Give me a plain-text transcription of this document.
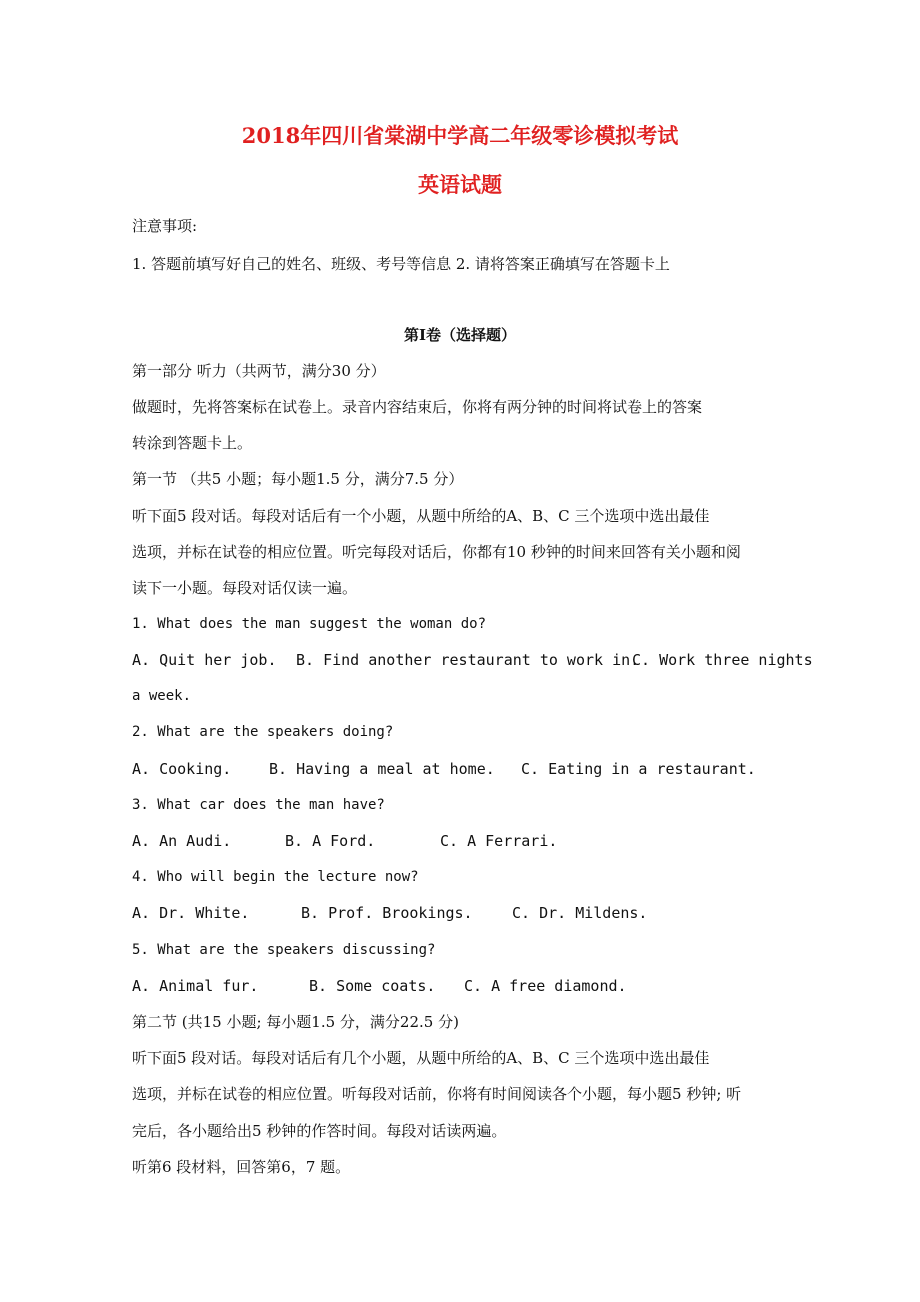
2018年四川省棠湖中学高二年级零诊模拟考试
英语试题
注意事项:
1. 答题前填写好自己的姓名、班级、考号等信息 2. 请将答案正确填写在答题卡上
第I卷（选择题）
第一部分 听力（共两节，满分30 分）
做题时，先将答案标在试卷上。录音内容结束后，你将有两分钟的时间将试卷上的答案
转涂到答题卡上。
第一节 （共5 小题；每小题1.5 分，满分7.5 分）
听下面5 段对话。每段对话后有一个小题，从题中所给的A、B、C 三个选项中选出最佳
选项，并标在试卷的相应位置。听完每段对话后，你都有10 秒钟的时间来回答有关小题和阅
读下一小题。每段对话仅读一遍。
1. What does the man suggest the woman do?
A. Quit her job. B. Find another restaurant to work in.
C. Work three nights
a week.
2. What are the speakers doing?
A. Cooking.	B. Having a meal at home. C. Eating in a restaurant.
3. What car does the man have?
A. An Audi.	B. A Ford.	C. A Ferrari.
4. Who will begin the lecture now?
A. Dr. White.	B. Prof. Brookings.	C. Dr. Mildens.
5. What are the speakers discussing?
A. Animal fur.	B. Some coats. C. A free diamond.
第二节 (共15 小题; 每小题1.5 分，满分22.5 分)
听下面5 段对话。每段对话后有几个小题，从题中所给的A、B、C 三个选项中选出最佳
选项，并标在试卷的相应位置。听每段对话前，你将有时间阅读各个小题，每小题5 秒钟; 听
完后，各小题给出5 秒钟的作答时间。每段对话读两遍。
听第6 段材料，回答第6，7 题。
